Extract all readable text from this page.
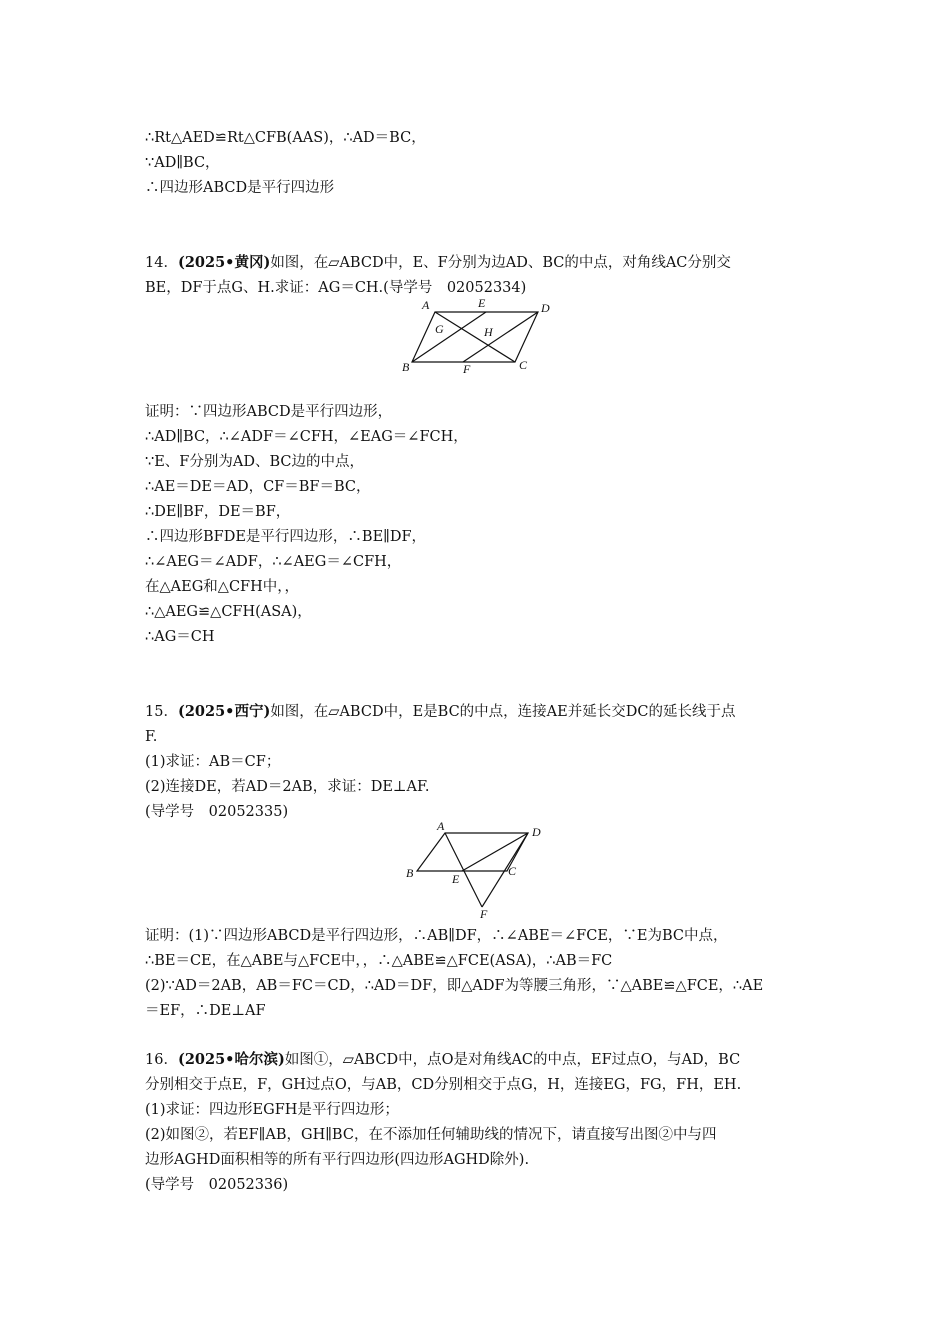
∴Rt△AED≌Rt△CFB(AAS)，∴AD＝BC，
∵AD∥BC，
∴四边形ABCD是平行四边形
14．(2025•黄冈)如图，在▱ABCD中，E、F分别为边AD、BC的中点，对角线AC分别交
BE，DF于点G、H.求证：AG＝CH.(导学号　02052334)
A	E	D
G	H
B	F	C
证明：∵四边形ABCD是平行四边形，
∴AD∥BC，∴∠ADF＝∠CFH，∠EAG＝∠FCH，
∵E、F分别为AD、BC边的中点，
∴AE＝DE＝AD，CF＝BF＝BC，
∴DE∥BF，DE＝BF，
∴四边形BFDE是平行四边形，∴BE∥DF，
∴∠AEG＝∠ADF，∴∠AEG＝∠CFH，
在△AEG和△CFH中，，
∴△AEG≌△CFH(ASA)，
∴AG＝CH
15．(2025•西宁)如图，在▱ABCD中，E是BC的中点，连接AE并延长交DC的延长线于点
F.
(1)求证：AB＝CF；
(2)连接DE，若AD＝2AB，求证：DE⊥AF.
(导学号　02052335)
A	D
B	E
C
F
证明：(1)∵四边形ABCD是平行四边形，∴AB∥DF，∴∠ABE＝∠FCE，∵E为BC中点，
∴BE＝CE，在△ABE与△FCE中，，∴△ABE≌△FCE(ASA)，∴AB＝FC
(2)∵AD＝2AB，AB＝FC＝CD，∴AD＝DF，即△ADF为等腰三角形，∵△ABE≌△FCE，∴AE
＝EF，∴DE⊥AF
16．(2025•哈尔滨)如图①，▱ABCD中，点O是对角线AC的中点，EF过点O，与AD，BC
分别相交于点E，F，GH过点O，与AB，CD分别相交于点G，H，连接EG，FG，FH，EH.
(1)求证：四边形EGFH是平行四边形；
(2)如图②，若EF∥AB，GH∥BC，在不添加任何辅助线的情况下，请直接写出图②中与四
边形AGHD面积相等的所有平行四边形(四边形AGHD除外).
(导学号　02052336)
